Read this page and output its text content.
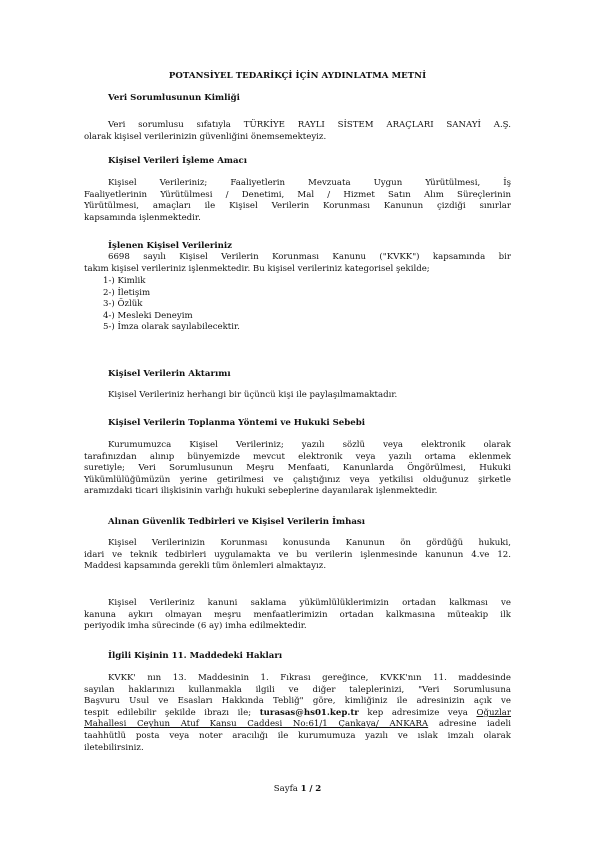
POTANSİYEL TEDARİKÇİ İÇİN AYDINLATMA METNİ
Veri Sorumlusunun Kimliği
Veri sorumlusu sıfatıyla TÜRKİYE RAYLI SİSTEM ARAÇLARI SANAYİ A.Ş.
olarak kişisel verilerinizin güvenliğini önemsemekteyiz.
Kişisel Verileri İşleme Amacı
Kişisel Verileriniz; Faaliyetlerin Mevzuata Uygun Yürütülmesi, İş
Faaliyetlerinin Yürütülmesi / Denetimi, Mal / Hizmet Satın Alım Süreçlerinin
Yürütülmesi, amaçları ile Kişisel Verilerin Korunması Kanunun çizdiği sınırlar
kapsamında işlenmektedir.
İşlenen Kişisel Verileriniz
6698 sayılı Kişisel Verilerin Korunması Kanunu ("KVKK") kapsamında bir
takım kişisel verileriniz işlenmektedir. Bu kişisel verileriniz kategorisel şekilde;
1-) Kimlik
2-) İletişim
3-) Özlük
4-) Mesleki Deneyim
5-) İmza olarak sayılabilecektir.
Kişisel Verilerin Aktarımı
Kişisel Verileriniz herhangi bir üçüncü kişi ile paylaşılmamaktadır.
Kişisel Verilerin Toplanma Yöntemi ve Hukuki Sebebi
Kurumumuzca Kişisel Verileriniz; yazılı sözlü veya elektronik olarak
tarafınızdan alınıp bünyemizde mevcut elektronik veya yazılı ortama eklenmek
suretiyle; Veri Sorumlusunun Meşru Menfaati, Kanunlarda Öngörülmesi, Hukuki
Yükümlülüğümüzün yerine getirilmesi ve çalıştığınız veya yetkilisi olduğunuz şirketle
aramızdaki ticari ilişkisinin varlığı hukuki sebeplerine dayanılarak işlenmektedir.
Alınan Güvenlik Tedbirleri ve Kişisel Verilerin İmhası
Kişisel Verilerinizin Korunması konusunda Kanunun ön gördüğü hukuki,
idari ve teknik tedbirleri uygulamakta ve bu verilerin işlenmesinde kanunun 4.ve 12.
Maddesi kapsamında gerekli tüm önlemleri almaktayız.
Kişisel Verileriniz kanuni saklama yükümlülüklerimizin ortadan kalkması ve
kanuna aykırı olmayan meşru menfaatlerimizin ortadan kalkmasına müteakip ilk
periyodik imha sürecinde (6 ay) imha edilmektedir.
İlgili Kişinin 11. Maddedeki Hakları
KVKK' nın 13. Maddesinin 1. Fıkrası gereğince, KVKK'nın 11. maddesinde
sayılan haklarınızı kullanmakla ilgili ve diğer taleplerinizi, "Veri Sorumlusuna
Başvuru Usul ve Esasları Hakkında Tebliğ" göre, kimliğiniz ile adresinizin açık ve
tespit edilebilir şekilde ibrazı ile; turasas@hs01.kep.tr kep adresimize veya Oğuzlar
Mahallesi Ceyhun Atuf Kansu Caddesi No:61/1 Çankaya/ ANKARA adresine iadeli
taahhütlü posta veya noter aracılığı ile kurumumuza yazılı ve ıslak imzalı olarak
iletebilirsiniz.
Sayfa 1 / 2
